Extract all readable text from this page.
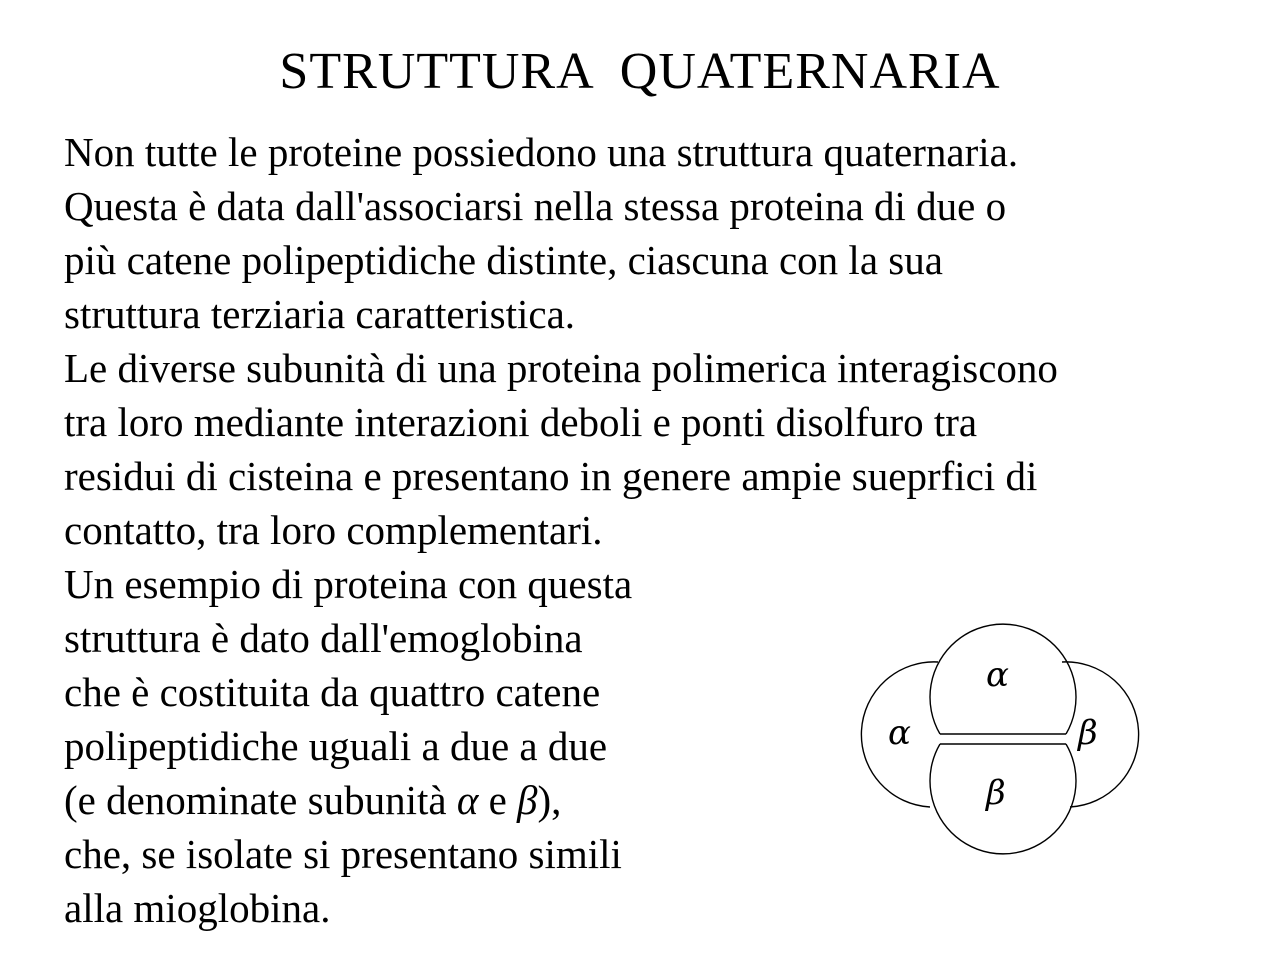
STRUTTURA  QUATERNARIA

Non tutte le proteine possiedono una struttura quaternaria.
Questa è data dall'associarsi nella stessa proteina di due o
più catene polipeptidiche distinte, ciascuna con la sua
struttura terziaria caratteristica.

Le diverse subunità di una proteina polimerica interagiscono
tra loro mediante interazioni deboli e ponti disolfuro tra
residui di cisteina e presentano in genere ampie sueprfici di
contatto, tra loro complementari.

Un esempio di proteina con questa
struttura è dato dall'emoglobina
che è costituita da quattro catene
polipeptidiche uguali a due a due
(e denominate subunità α e β),
che, se isolate si presentano simili
alla mioglobina.

α
β
α	β
